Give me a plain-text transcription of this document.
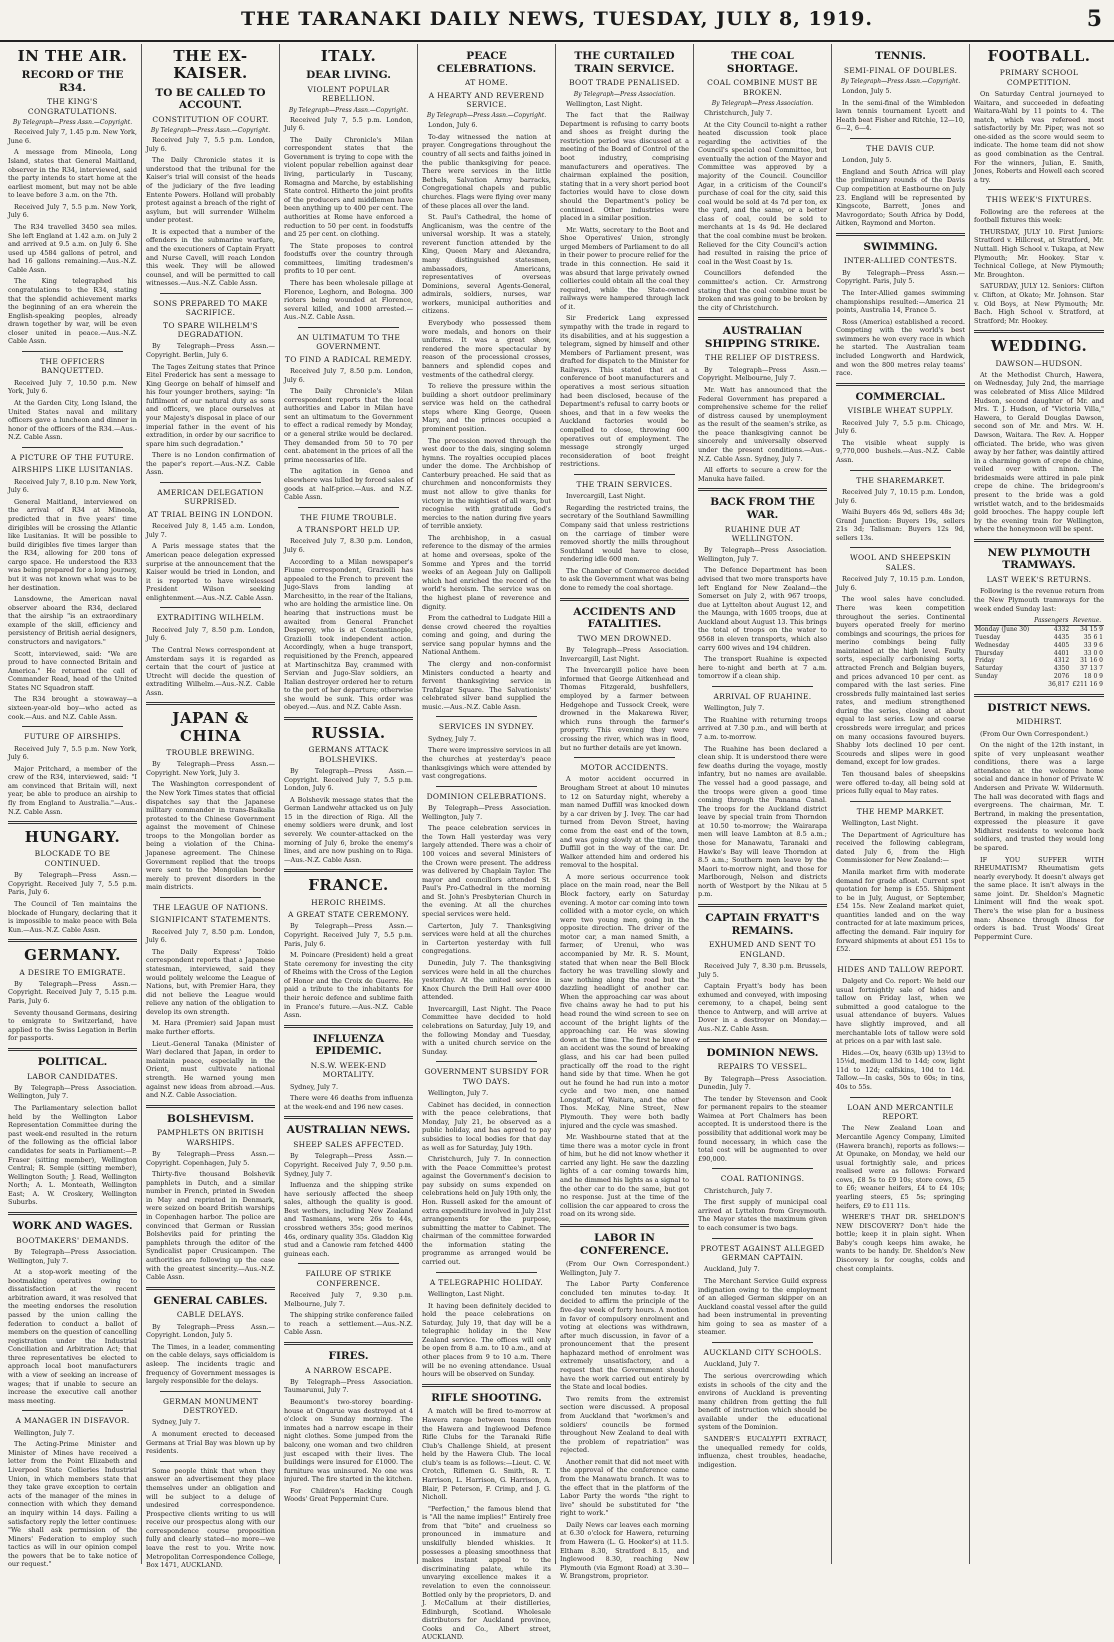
THE TARANAKI DAILY NEWS, TUESDAY, JULY 8, 1919.	5
IN THE AIR.
RECORD OF THE R34.
THE KING'S CONGRATULATIONS.
By Telegraph—Press Assn.—Copyright.

Received July 7, 1.45 p.m. New York, June 6.

A message from Mineola, Long Island, states that General Maitland, observer in the R34, interviewed, said the party intends to start home at the earliest moment, but may not be able to leave before 3 a.m. on the 7th.

Received July 7, 5.5 p.m. New York, July 6.

The R34 travelled 3450 sea miles. She left England at 1.42 a.m. on July 2 and arrived at 9.5 a.m. on July 6. She used up 4584 gallons of petrol, and had 16 gallons remaining.—Aus.-N.Z. Cable Assn.

The King telegraphed his congratulations to the R34, stating that the splendid achievement marks the beginning of an era wherein the English-speaking peoples, already drawn together by war, will be even closer united in peace.—Aus.-N.Z. Cable Assn.

THE OFFICERS BANQUETTED.

Received July 7, 10.50 p.m. New York, July 6.

At the Garden City, Long Island, the United States naval and military officers gave a luncheon and dinner in honor of the officers of the R34.—Aus.-N.Z. Cable Assn.

A PICTURE OF THE FUTURE.
AIRSHIPS LIKE LUSITANIAS.

Received July 7, 8.10 p.m. New York, July 6.

General Maitland, interviewed on the arrival of R34 at Mineola, predicted that in five years' time dirigibles will be crossing the Atlantic like Lusitanias. It will be possible to build dirigibles five times larger than the R34, allowing for 200 tons of cargo space. He understood the R33 was being prepared for a long journey, but it was not known what was to be her destination.

Lansdowne, the American naval observer aboard the R34, declared that the airship "is an extraordinary example of the skill, efficiency and persistency of British aerial designers, constructors and navigators."

Scott, interviewed, said: "We are proud to have connected Britain and America." He returned the call of Commander Read, head of the United States NC Squadron staff.

The R34 brought a stowaway—a sixteen-year-old boy—who acted as cook.—Aus. and N.Z. Cable Assn.

FUTURE OF AIRSHIPS.

Received July 7, 5.5 p.m. New York, July 6.

Major Pritchard, a member of the crew of the R34, interviewed, said: "I am convinced that Britain will, next year, be able to produce an airship to fly from England to Australia."—Aus.-N.Z. Cable Assn.

HUNGARY.
BLOCKADE TO BE CONTINUED.

By Telegraph—Press Assn.—Copyright. Received July 7, 5.5 p.m. Paris, July 6.

The Council of Ten maintains the blockade of Hungary, declaring that it is impossible to make peace with Bela Kun.—Aus.-N.Z. Cable Assn.

GERMANY.
A DESIRE TO EMIGRATE.

By Telegraph—Press Assn.—Copyright. Received July 7, 5.15 p.m. Paris, July 6.

Seventy thousand Germans, desiring to emigrate to Switzerland, have applied to the Swiss Legation in Berlin for passports.

POLITICAL.
LABOR CANDIDATES.

By Telegraph—Press Association. Wellington, July 7.

The Parliamentary selection ballot held by the Wellington Labor Representation Committee during the past week-end resulted in the return of the following as the official labor candidates for seats in Parliament:—P. Fraser (sitting member), Wellington Central; R. Semple (sitting member), Wellington South; J. Read, Wellington North; A. L. Monteath, Wellington East; A. W. Croskery, Wellington Suburbs.

WORK AND WAGES.
BOOTMAKERS' DEMANDS.

By Telegraph—Press Association. Wellington, July 7.

At a stop-work meeting of the bootmaking operatives owing to dissatisfaction at the recent arbitration award, it was resolved that the meeting endorses the resolution passed by the union calling the federation to conduct a ballot of members on the question of cancelling registration under the Industrial Conciliation and Arbitration Act; that three representatives be elected to approach local boot manufacturers with a view of seeking an increase of wages; that if unable to secure an increase the executive call another mass meeting.

A MANAGER IN DISFAVOR.

Wellington, July 7.

The Acting-Prime Minister and Minister of Mines have received a letter from the Point Elizabeth and Liverpool State Collieries Industrial Union, in which members state that they take grave exception to certain acts of the manager of the mines in connection with which they demand an inquiry within 14 days. Failing a satisfactory reply the letter continues: "We shall ask permission of the Miners' Federation to employ such tactics as will in our opinion compel the powers that be to take notice of our request."

THE EX-KAISER.
TO BE CALLED TO ACCOUNT.
CONSTITUTION OF COURT.
By Telegraph—Press Assn.—Copyright.

Received July 7, 5.5 p.m. London, July 6.

The Daily Chronicle states it is understood that the tribunal for the Kaiser's trial will consist of the heads of the judiciary of the five leading Entente Powers. Holland will probably protest against a breach of the right of asylum, but will surrender Wilhelm under protest.

It is expected that a number of the offenders in the submarine warfare, and the executioners of Captain Fryatt and Nurse Cavell, will reach London this week. They will be allowed counsel, and will be permitted to call witnesses.—Aus.-N.Z. Cable Assn.

SONS PREPARED TO MAKE SACRIFICE.
TO SPARE WILHELM'S DEGRADATION.

By Telegraph—Press Assn.—Copyright. Berlin, July 6.

The Tages Zeitung states that Prince Eitel Frederick has sent a message to King George on behalf of himself and his four younger brothers, saying: "In fulfilment of our natural duty as sons and officers, we place ourselves at your Majesty's disposal in place of our imperial father in the event of his extradition, in order by our sacrifice to spare him such degradation."

There is no London confirmation of the paper's report.—Aus.-N.Z. Cable Assn.

AMERICAN DELEGATION SURPRISED.
AT TRIAL BEING IN LONDON.

Received July 8, 1.45 a.m. London, July 7.

A Paris message states that the American peace delegation expressed surprise at the announcement that the Kaiser would be tried in London, and it is reported to have wirelessed President Wilson seeking enlightenment.—Aus.-N.Z. Cable Assn.

EXTRADITING WILHELM.

Received July 7, 8.50 p.m. London, July 6.

The Central News correspondent at Amsterdam says it is regarded as certain that the court of justice at Utrecht will decide the question of extraditing Wilhelm.—Aus.-N.Z. Cable Assn.

JAPAN & CHINA
TROUBLE BREWING.

By Telegraph—Press Assn.—Copyright. New York, July 3.

The Washington correspondent of the New York Times states that official dispatches say that the Japanese military commander in trans-Baikalia protested to the Chinese Government against the movement of Chinese troops to the Mongolian border as being a violation of the China-Japanese agreement. The Chinese Government replied that the troops were sent to the Mongolian border merely to prevent disorders in the main districts.

THE LEAGUE OF NATIONS.
SIGNIFICANT STATEMENTS.

Received July 7, 8.50 p.m. London, July 6.

The Daily Express' Tokio correspondent reports that a Japanese statesman, interviewed, said they would politely welcome the League of Nations, but, with Premier Hara, they did not believe the League would relieve any nation of the obligation to develop its own strength.

M. Hara (Premier) said Japan must make further efforts.

Lieut.-General Tanaka (Minister of War) declared that Japan, in order to maintain peace, especially in the Orient, must cultivate national strength. He warned young men against new ideas from abroad.—Aus. and N.Z. Cable Association.

BOLSHEVISM.
PAMPHLETS ON BRITISH WARSHIPS.

By Telegraph—Press Assn.—Copyright. Copenhagen, July 5.

Thirty-five thousand Bolshevik pamphlets in Dutch, and a similar number in French, printed in Sweden in May and reprinted in Denmark, were seized on board British warships in Copenhagen harbor. The police are convinced that German or Russian Bolsheviks paid for printing the pamphlets through the editor of the Syndicalist paper Crusicampen. The authorities are following up the case with the greatest sincerity.—Aus.-N.Z. Cable Assn.

GENERAL CABLES.
CABLE DELAYS.

By Telegraph—Press Assn.—Copyright. London, July 5.

The Times, in a leader, commenting on the cable delays, says officialdom is asleep. The incidents tragic and frequency of Government messages is largely responsible for the delays.

GERMAN MONUMENT DESTROYED.

Sydney, July 7.

A monument erected to deceased Germans at Trial Bay was blown up by residents.

Some people think that when they answer an advertisement they place themselves under an obligation and will be subject to a deluge of undesired correspondence. Prospective clients writing to us will receive our prospectus along with our correspondence course proposition fully and clearly stated—no more—we leave the rest to you. Write now. Metropolitan Correspondence College, Box 1471, AUCKLAND.

ITALY.
DEAR LIVING.
VIOLENT POPULAR REBELLION.
By Telegraph—Press Assn.—Copyright.

Received July 7, 5.5 p.m. London, July 6.

The Daily Chronicle's Milan correspondent states that the Government is trying to cope with the violent popular rebellion against dear living, particularly in Tuscany, Romagna and Marche, by establishing State control. Hitherto the joint profits of the producers and middlemen have been anything up to 400 per cent. The authorities at Rome have enforced a reduction to 50 per cent. in foodstuffs and 25 per cent. on clothing.

The State proposes to control foodstuffs over the country through committees, limiting tradesmen's profits to 10 per cent.

There has been wholesale pillage at Florence, Leghorn, and Bologna. 300 rioters being wounded at Florence, several killed, and 1000 arrested.—Aus.-N.Z. Cable Assn.

AN ULTIMATUM TO THE GOVERNMENT.
TO FIND A RADICAL REMEDY.

Received July 7, 8.50 p.m. London, July 6.

The Daily Chronicle's Milan correspondent reports that the local authorities and Labor in Milan have sent an ultimatum to the Government to effect a radical remedy by Monday, or a general strike would be declared. They demanded from 50 to 70 per cent. abatement in the prices of all the prime necessaries of life.

The agitation in Genoa and elsewhere was lulled by forced sales of goods at half-price.—Aus. and N.Z. Cable Assn.

THE FIUME TROUBLE.
A TRANSPORT HELD UP.

Received July 7, 8.30 p.m. London, July 6.

According to a Milan newspaper's Fiume correspondent, Graziolli has appealed to the French to prevent the Jugo-Slavs from landing at Marchesitto, in the rear of the Italians, who are holding the armistice line. On hearing that instructions must be awaited from General Franchet Desperey, who is at Constantinople, Graziolli took independent action. Accordingly, when a huge transport, requisitioned by the French, appeared at Martinschitza Bay, crammed with Servian and Jugo-Slav soldiers, an Italian destroyer ordered her to return to the port of her departure; otherwise she would be sunk. This order was obeyed.—Aus. and N.Z. Cable Assn.

RUSSIA.
GERMANS ATTACK BOLSHEVIKS.

By Telegraph—Press Assn.—Copyright. Received July 7, 5.5 p.m. London, July 6.

A Bolshevik message states that the German Landwehr attacked us on July 15 in the direction of Riga. All the enemy soldiers were drunk, and lost severely. We counter-attacked on the morning of July 6, broke the enemy's lines, and are now pushing on to Riga.—Aus.-N.Z. Cable Assn.

FRANCE.
HEROIC RHEIMS.
A GREAT STATE CEREMONY.

By Telegraph—Press Assn.—Copyright. Received July 7, 5.5 p.m. Paris, July 6.

M. Poincare (President) held a great State ceremony for investing the city of Rheims with the Cross of the Legion of Honor and the Croix de Guerre. He paid a tribute to the inhabitants for their heroic defence and sublime faith in France's future.—Aus.-N.Z. Cable Assn.

INFLUENZA EPIDEMIC.
N.S.W. WEEK-END MORTALITY.

Sydney, July 7.

There were 46 deaths from influenza at the week-end and 196 new cases.

AUSTRALIAN NEWS.
SHEEP SALES AFFECTED.

By Telegraph—Press Assn.—Copyright. Received July 7, 9.50 p.m. Sydney, July 7.

Influenza and the shipping strike have seriously affected the sheep sales, although the quality is good. Best wethers, including New Zealand and Tasmanians, were 26s to 44s, crossbred wethers 35s; good merinos 46s, ordinary quality 35s. Gladdon Kig stud and a Canowie ram fetched 4400 guineas each.

FAILURE OF STRIKE CONFERENCE.

Received July 7, 9.30 p.m. Melbourne, July 7.

The shipping strike conference failed to reach a settlement.—Aus.-N.Z. Cable Assn.

FIRES.
A NARROW ESCAPE.

By Telegraph—Press Association. Taumarunui, July 7.

Beaumont's two-storey boarding-house at Ongarue was destroyed at 4 o'clock on Sunday morning. The inmates had a narrow escape in their night clothes. Some jumped from the balcony, one woman and two children just escaped with their lives. The buildings were insured for £1000. The furniture was uninsured. No one was injured. The fire started in the kitchen.

For Children's Hacking Cough Woods' Great Peppermint Cure.

PEACE CELEBRATIONS.
AT HOME.
A HEARTY AND REVEREND SERVICE.
By Telegraph—Press Assn.—Copyright.

London, July 6.

To-day witnessed the nation at prayer. Congregations throughout the country of all sects and faiths joined in the public thanksgiving for peace. There were services in the little Bethels, Salvation Army barracks, Congregational chapels and public churches. Flags were flying over many of these places all over the land.

St. Paul's Cathedral, the home of Anglicanism, was the centre of the universal worship. It was a stately, reverent function attended by the King, Queen Mary and Alexandra, many distinguished statesmen, ambassadors, Americans, representatives of overseas Dominions, several Agents-General, admirals, soldiers, nurses, war workers, municipal authorities and citizens.

Everybody who possessed them wore medals, and honors on their uniforms. It was a great show, rendered the more spectacular by reason of the processional crosses, banners and splendid copes and vestments of the cathedral clergy.

To relieve the pressure within the building a short outdoor preliminary service was held on the cathedral steps where King George, Queen Mary, and the princes occupied a prominent position.

The procession moved through the west door to the dais, singing solemn hymns. The royalties occupied places under the dome. The Archbishop of Canterbury preached. He said that as churchmen and nonconformists they must not allow to give thanks for victory in the mightiest of all wars, but recognise with gratitude God's mercies to the nation during five years of terrible anxiety.

The archbishop, in a casual reference to the dismay of the armies at home and overseas, spoke of the Somme and Ypres and the torrid weeks of an Aegean July on Gallipoli which had enriched the record of the world's heroism. The service was on the highest plane of reverence and dignity.

From the cathedral to Ludgate Hill a dense crowd cheered the royalties coming and going, and during the service sang popular hymns and the National Anthem.

The clergy and non-conformist Ministers conducted a hearty and fervent thanksgiving service in Trafalgar Square. The Salvationists' celebrated silver band supplied the music.—Aus.-N.Z. Cable Assn.

SERVICES IN SYDNEY.

Sydney, July 7.

There were impressive services in all the churches at yesterday's peace thanksgivings which were attended by vast congregations.

DOMINION CELEBRATIONS.

By Telegraph—Press Association. Wellington, July 7.

The peace celebration services in the Town Hall yesterday was very largely attended. There was a choir of 100 voices and several Ministers of the Crown were present. The address was delivered by Chaplain Taylor. The mayor and councillors attended St. Paul's Pro-Cathedral in the morning and St. John's Presbyterian Church in the evening. At all the churches special services were held.

Carterton, July 7. Thanksgiving services were held at all the churches in Carterton yesterday with full congregations.

Dunedin, July 7. The thanksgiving services were held in all the churches yesterday. At the united service in Knox Church the Drill Hall over 4000 attended.

Invercargill, Last Night. The Peace Committee have decided to hold celebrations on Saturday, July 19, and the following Monday and Tuesday, with a united church service on the Sunday.

GOVERNMENT SUBSIDY FOR TWO DAYS.

Wellington, July 7.

Cabinet has decided, in connection with the peace celebrations, that Monday, July 21, be observed as a public holiday, and has agreed to pay subsidies to local bodies for that day as well as for Saturday, July 19th.

Christchurch, July 7. In connection with the Peace Committee's protest against the Government's decision to pay subsidy on sums expended on celebrations held on July 19th only, the Hon. Russell asked for the amount of extra expenditure involved in July 21st arrangements for the purpose, submitting the matter to Cabinet. The chairman of the committee forwarded the information stating the programme as arranged would be carried out.

A TELEGRAPHIC HOLIDAY.

Wellington, Last Night.

It having been definitely decided to hold the peace celebrations on Saturday, July 19, that day will be a telegraphic holiday in the New Zealand service. The offices will only be open from 8 a.m. to 10 a.m., and at other places from 9 to 10 a.m. There will be no evening attendance. Usual hours will be observed on Sunday.

RIFLE SHOOTING.

A match will be fired to-morrow at Hawera range between teams from the Hawera and Inglewood Defence Rifle Clubs for the Taranaki Rifle Club's Challenge Shield, at present held by the Hawera Club. The local club's team is as follows:—Lieut. C. W. Crotch, Riflemen G. Smith, R. T. Harrison, L. Harrison, G. Harrison, A. Blair, P. Peterson, F. Crimp, and J. G. Nicholl.

"Perfection," the famous blend that is "All the name implies!" Entirely free from that "bite" and cruelness so pronounced in immature and unskilfully blended whiskies. It possesses a pleasing smoothness that makes instant appeal to the discriminating palate, while its unvarying excellence makes it a revelation to even the connoisseur. Bottled only by the proprietors, D. and J. McCallum at their distilleries, Edinburgh, Scotland. Wholesale distributors for Auckland province, Cooks and Co., Albert street, AUCKLAND.

THE CURTAILED TRAIN SERVICE.
BOOT TRADE PENALISED.
By Telegraph—Press Association.

Wellington, Last Night.

The fact that the Railway Department is refusing to carry boots and shoes as freight during the restriction period was discussed at a meeting of the Board of Control of the boot industry, comprising manufacturers and operatives. The chairman explained the position, stating that in a very short period boot factories would have to close down should the Department's policy be continued. Other industries were placed in a similar position.

Mr. Watts, secretary to the Boot and Shoe Operatives' Union, strongly urged Members of Parliament to do all in their power to procure relief for the trade in this connection. He said it was absurd that large privately owned collieries could obtain all the coal they required, while the State-owned railways were hampered through lack of it.

Sir Frederick Lang expressed sympathy with the trade in regard to its disabilities, and at his suggestion a telegram, signed by himself and other Members of Parliament present, was drafted for dispatch to the Minister for Railways. This stated that at a conference of boot manufacturers and operatives a most serious situation had been disclosed, because of the Department's refusal to carry boots or shoes, and that in a few weeks the Auckland factories would be compelled to close, throwing 600 operatives out of employment. The message strongly urged reconsideration of boot freight restrictions.

THE TRAIN SERVICES.

Invercargill, Last Night.

Regarding the restricted trains, the secretary of the Southland Sawmilling Company said that unless restrictions on the carriage of timber were removed shortly the mills throughout Southland would have to close, rendering idle 600 men.

The Chamber of Commerce decided to ask the Government what was being done to remedy the coal shortage.

ACCIDENTS AND FATALITIES.
TWO MEN DROWNED.

By Telegraph—Press Association. Invercargill, Last Night.

The Invercargill police have been informed that George Aitkenhead and Thomas Fitzgerald, bushfellers, employed by a farmer between Hedgehope and Tussock Creek, were drowned in the Makarewa River, which runs through the farmer's property. This evening they were crossing the river, which was in flood, but no further details are yet known.

MOTOR ACCIDENTS.

A motor accident occurred in Brougham Street at about 10 minutes to 12 on Saturday night, whereby a man named Duffill was knocked down by a car driven by J. Ivey. The car had turned from Devon Street, having come from the east end of the town, and was going slowly at the time, and Duffill got in the way of the car. Dr. Walker attended him and ordered his removal to the hospital.

A more serious occurrence took place on the main road, near the Bell Block factory, early on Saturday evening. A motor car coming into town collided with a motor cycle, on which were two young men, going in the opposite direction. The driver of the motor car, a man named Smith, a farmer, of Urenui, who was accompanied by Mr. R. S. Mount, stated that when near the Bell Block factory he was travelling slowly and saw nothing along the road but the dazzling headlight of another car. When the approaching car was about five chains away he had to put his head round the wind screen to see on account of the bright lights of the approaching car. He was slowing down at the time. The first he knew of an accident was the sound of breaking glass, and his car had been pulled practically off the road to the right hand side by that time. When he got out he found he had run into a motor cycle and two men, one named Longstaff, of Waitara, and the other Thos. McKay, Nine Street, New Plymouth. They were both badly injured and the cycle was smashed.

Mr. Washbourne stated that at the time there was a motor cycle in front of him, but he did not know whether it carried any light. He saw the dazzling lights of a car coming towards him, and he dimmed his lights as a signal to the other car to do the same, but got no response. Just at the time of the collision the car appeared to cross the road on its wrong side.

LABOR IN CONFERENCE.

(From Our Own Correspondent.) Wellington, July 7.

The Labor Party Conference concluded ten minutes to-day. It decided to affirm the principle of the five-day week of forty hours. A motion in favor of compulsory enrolment and voting at elections was withdrawn, after much discussion, in favor of a pronouncement that the present haphazard method of enrolment was extremely unsatisfactory, and a request that the Government should have the work carried out entirely by the State and local bodies.

Two remits from the extremist section were discussed. A proposal from Auckland that "workmen's and soldiers' councils be formed throughout New Zealand to deal with the problem of repatriation" was rejected.

Another remit that did not meet with the approval of the conference came from the Manawatu branch. It was to the effect that in the platform of the Labor Party the words "the right to live" should be substituted for "the right to work."

Daily News car leaves each morning at 6.30 o'clock for Hawera, returning from Hawera (L. G. Hooker's) at 11.5. Eltham 8.30, Stratford 8.15, and Inglewood 8.30, reaching New Plymouth (via Egmont Road) at 3.30—W. Brangstrom, proprietor.

THE COAL SHORTAGE.
COAL COMBINE MUST BE BROKEN.
By Telegraph—Press Association.

Christchurch, July 7.

At the City Council to-night a rather heated discussion took place regarding the activities of the Council's special coal Committee, but eventually the action of the Mayor and Committee was approved by a majority of the Council. Councillor Agar, in a criticism of the Council's purchase of coal for the city, said this coal would be sold at 4s 7d per ton, ex the yard, and the same, or a better class of coal, could be sold to merchants at 1s 4s 9d. He declared that the coal combine must be broken. Relieved for the City Council's action had resulted in raising the price of coal in the West Coast by 1s.

Councillors defended the committee's action. Cr. Armstrong stating that the coal combine must be broken and was going to be broken by the city of Christchurch.

AUSTRALIAN SHIPPING STRIKE.
THE RELIEF OF DISTRESS.

By Telegraph—Press Assn.—Copyright. Melbourne, July 7.

Mr. Watt has announced that the Federal Government has prepared a comprehensive scheme for the relief of distress caused by unemployment as the result of the seamen's strike, as the peace thanksgiving cannot be sincerely and universally observed under the present conditions.—Aus.-N.Z. Cable Assn. Sydney, July 7.

All efforts to secure a crew for the Manuka have failed.

BACK FROM THE WAR.
RUAHINE DUE AT WELLINGTON.

By Telegraph—Press Association. Wellington, July 7.

The Defence Department has been advised that two more transports have left England for New Zealand—the Somerset on July 2, with 967 troops, due at Lyttelton about August 12, and the Maunga, with 1605 troops, due at Auckland about August 13. This brings the total of troops on the water to 9568 in eleven transports, which also carry 600 wives and 194 children.

The transport Ruahine is expected here to-night and berth at 7 a.m. tomorrow if a clean ship.

ARRIVAL OF RUAHINE.

Wellington, July 7.

The Ruahine with returning troops arrived at 7.30 p.m., and will berth at 7 a.m. to-morrow.

The Ruahine has been declared a clean ship. It is understood there were few deaths during the voyage, mostly infantry, but no names are available. The vessel had a good passage, and the troops were given a good time coming through the Panama Canal. The troops for the Auckland district leave by special train from Thorndon at 10.50 to-morrow; the Wairarapa men will leave Lambton at 8.5 a.m.; those for Manawatu, Taranaki and Hawke's Bay will leave Thorndon at 8.5 a.m.; Southern men leave by the Maori to-morrow night, and those for Marlborough, Nelson and districts north of Westport by the Nikau at 5 p.m.

CAPTAIN FRYATT'S REMAINS.
EXHUMED AND SENT TO ENGLAND.

Received July 7, 8.30 p.m. Brussels, July 5.

Captain Fryatt's body has been exhumed and conveyed, with imposing ceremony, to a chapel, being sent thence to Antwerp, and will arrive at Dover in a destroyer on Monday.—Aus.-N.Z. Cable Assn.

DOMINION NEWS.
REPAIRS TO VESSEL.

By Telegraph—Press Association. Dunedin, July 7.

The tender by Stevenson and Cook for permanent repairs to the steamer Waimea at Port Chalmers has been accepted. It is understood there is the possibility that additional work may be found necessary, in which case the total cost will be augmented to over £90,000.

COAL RATIONINGS.

Christchurch, July 7.

The first supply of municipal coal arrived at Lyttelton from Greymouth. The Mayor states the maximum given to each consumer is two bags.

PROTEST AGAINST ALLEGED GERMAN CAPTAIN.

Auckland, July 7.

The Merchant Service Guild express indignation owing to the employment of an alleged German skipper on an Auckland coastal vessel after the guild had been instrumental in preventing him going to sea as master of a steamer.

AUCKLAND CITY SCHOOLS.

Auckland, July 7.

The serious overcrowding which exists in schools of the city and the environs of Auckland is preventing many children from getting the full benefit of instruction which should be available under the educational system of the Dominion.

SANDER'S EUCALYPTI EXTRACT, the unequalled remedy for colds, influenza, chest troubles, headache, indigestion.

TENNIS.
SEMI-FINAL OF DOUBLES.
By Telegraph—Press Assn.—Copyright.

London, July 5.

In the semi-final of the Wimbledon lawn tennis tournament Lycett and Heath beat Fisher and Ritchie, 12—10, 6—2, 6—4.

THE DAVIS CUP.

London, July 5.

England and South Africa will play the preliminary rounds of the Davis Cup competition at Eastbourne on July 23. England will be represented by Kingscote, Barrett, Jones and Mavrogordato; South Africa by Dodd, Aitken, Raymond and Morton.

SWIMMING.
INTER-ALLIED CONTESTS.

By Telegraph—Press Assn.—Copyright. Paris, July 5.

The Inter-Allied games swimming championships resulted:—America 21 points, Australia 14, France 5.

Ross (America) established a record. Competing with the world's best swimmers he won every race in which he started. The Australian team included Longworth and Hardwick, and won the 800 metres relay teams' race.

COMMERCIAL.
VISIBLE WHEAT SUPPLY.

Received July 7, 5.5 p.m. Chicago, July 6.

The visible wheat supply is 9,770,000 bushels.—Aus.-N.Z. Cable Assn.

THE SHAREMARKET.

Received July 7, 10.15 p.m. London, July 6.

Waihi Buyers 46s 9d, sellers 48s 3d; Grand Junction: Buyers 19s, sellers 21s 3d; Talisman: Buyers 12s 9d, sellers 13s.

WOOL AND SHEEPSKIN SALES.

Received July 7, 10.15 p.m. London, July 6.

The wool sales have concluded. There was keen competition throughout the series. Continental buyers operated freely for merino combings and scourings, the prices for merino combings being fully maintained at the high level. Faulty sorts, especially carbonising sorts, attracted French and Belgian buyers, and prices advanced 10 per cent. as compared with the last series. Fine crossbreds fully maintained last series rates, and medium strengthened during the series, closing at about equal to last series. Low and coarse crossbreds were irregular, and prices on many occasions favoured buyers. Shabby lots declined 10 per cent. Scoureds and slipes were in good demand, except for low grades.

Ten thousand bales of sheepskins were offered to-day, all being sold at prices fully equal to May rates.

THE HEMP MARKET.

Wellington, Last Night.

The Department of Agriculture has received the following cablegram, dated July 6, from the High Commissioner for New Zealand:—

Manila market firm with moderate demand for grade afloat. Current spot quotation for hemp is £55. Shipment to be in July, August, or September, £54 15s. New Zealand market quiet, quantities landed and on the way contracted for at late maximum prices, affecting the demand. Fair inquiry for forward shipments at about £51 15s to £52.

HIDES AND TALLOW REPORT.

Dalgety and Co. report: We held our usual fortnightly sale of hides and tallow on Friday last, when we submitted a good catalogue to the usual attendance of buyers. Values have slightly improved, and all merchantable lots of tallow were sold at prices on a par with last sale.

Hides.—Ox, heavy (63lb up) 13½d to 15⅛d, medium 13d to 14d; cow, light 11d to 12d; calfskins, 10d to 14d. Tallow.—In casks, 50s to 60s; in tins, 40s to 55s.

LOAN AND MERCANTILE REPORT.

The New Zealand Loan and Mercantile Agency Company, Limited (Hawera branch), reports as follows:—At Opunake, on Monday, we held our usual fortnightly sale, and prices realised were as follows: Forward cows, £8 5s to £9 10s; store cows, £5 to £6; weaner heifers, £4 to £4 10s; yearling steers, £5 5s; springing heifers, £9 to £11 11s.

WHERE'S THAT DR. SHELDON'S NEW DISCOVERY? Don't hide the bottle; keep it in plain sight. When Baby's cough keeps him awake, he wants to be handy. Dr. Sheldon's New Discovery is for coughs, colds and chest complaints.

FOOTBALL.
PRIMARY SCHOOL COMPETITION.

On Saturday Central journeyed to Waitara, and succeeded in defeating Waitara-Wahl by 11 points to 4. The match, which was refereed most satisfactorily by Mr. Piper, was not so one-sided as the score would seem to indicate. The home team did not show as good combination as the Central. For the winners, Julian, E. Smith, Jones, Roberts and Howell each scored a try.

THIS WEEK'S FIXTURES.

Following are the referees at the football fixtures this week:

THURSDAY, JULY 10. First Juniors: Stratford v. Hillcrest, at Stratford, Mr. Nuttall. High School v. Tukapa, at New Plymouth; Mr. Hookey. Star v. Technical College, at New Plymouth; Mr. Broughton.

SATURDAY, JULY 12. Seniors: Clifton v. Clifton, at Okato; Mr. Johnson. Star v. Old Boys, at New Plymouth; Mr. Bach. High School v. Stratford, at Stratford; Mr. Hookey.

WEDDING.
DAWSON—HUDSON.

At the Methodist Church, Hawera, on Wednesday, July 2nd, the marriage was celebrated of Miss Alice Mildred Hudson, second daughter of Mr. and Mrs. T. J. Hudson, of "Victoria Villa," Hawera, to Gerald Douglas Dawson, second son of Mr. and Mrs. W. H. Dawson, Waitara. The Rev. A. Hopper officiated. The bride, who was given away by her father, was daintily attired in a charming gown of crepe de chine, veiled over with ninon. The bridesmaids were attired in pale pink crepe de chine. The bridegroom's present to the bride was a gold wristlet watch, and to the bridesmaids gold brooches. The happy couple left by the evening train for Wellington, where the honeymoon will be spent.

NEW PLYMOUTH TRAMWAYS.
LAST WEEK'S RETURNS.

Following is the revenue return from the New Plymouth tramways for the week ended Sunday last:

	Passengers	Revenue.
Monday (June 30)	4332	34 15 9
Tuesday	4435	35 6 1
Wednesday	4405	33 9 6
Thursday	4401	33 0 0
Friday	4312	31 16 0
Saturday	4350	37 13 7
Sunday	2076	18 0 9
	36,817	£211 16 9
DISTRICT NEWS.
MIDHIRST.

(From Our Own Correspondent.)

On the night of the 12th instant, in spite of very unpleasant weather conditions, there was a large attendance at the welcome home social and dance in honor of Private W. Andersen and Private W. Wildermuth. The hall was decorated with flags and evergreens. The chairman, Mr. T. Bertrand, in making the presentation, expressed the pleasure it gave Midhirst residents to welcome back soldiers, and trusted they would long be spared.

IF YOU SUFFER WITH RHEUMATISM? Rheumatism gets nearly everybody. It doesn't always get the same place. It isn't always in the same joint. Dr. Sheldon's Magnetic Liniment will find the weak spot. There's the wise plan for a business man: Absence through illness for orders is bad. Trust Woods' Great Peppermint Cure.
